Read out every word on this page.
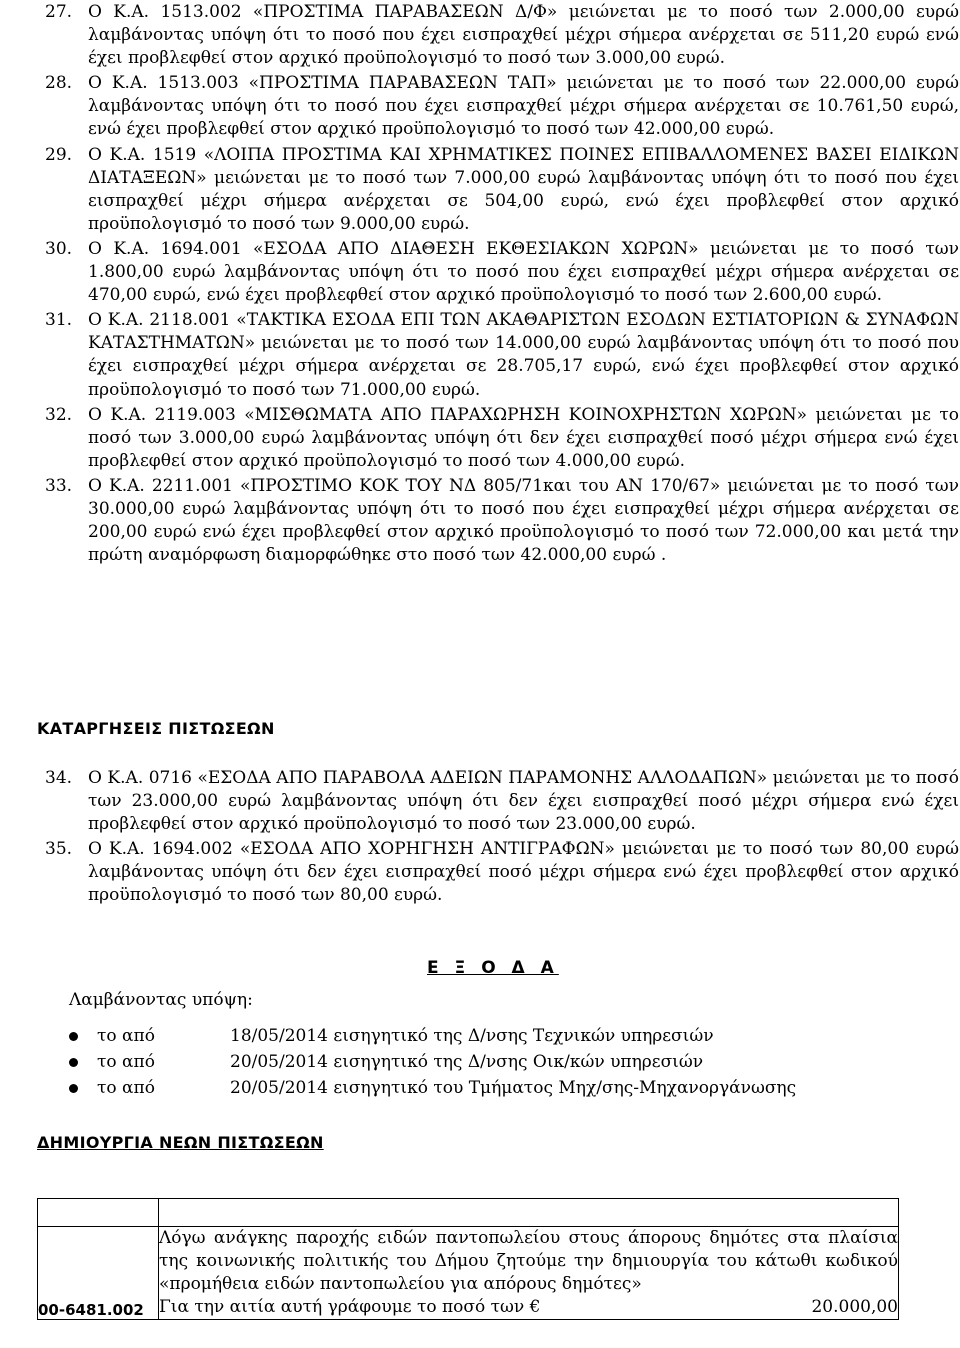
27. Ο Κ.Α. 1513.002 «ΠΡΟΣΤΙΜΑ ΠΑΡΑΒΑΣΕΩΝ Δ/Φ» μειώνεται με το ποσό των 2.000,00 ευρώ λαμβάνοντας υπόψη ότι το ποσό που έχει εισπραχθεί μέχρι σήμερα ανέρχεται σε 511,20 ευρώ ενώ έχει προβλεφθεί στον αρχικό προϋπολογισμό το ποσό των 3.000,00 ευρώ.

28. Ο Κ.Α. 1513.003 «ΠΡΟΣΤΙΜΑ ΠΑΡΑΒΑΣΕΩΝ ΤΑΠ» μειώνεται με το ποσό των 22.000,00 ευρώ λαμβάνοντας υπόψη ότι το ποσό που έχει εισπραχθεί μέχρι σήμερα ανέρχεται σε 10.761,50 ευρώ, ενώ έχει προβλεφθεί στον αρχικό προϋπολογισμό το ποσό των 42.000,00 ευρώ.

29. Ο Κ.Α. 1519 «ΛΟΙΠΑ ΠΡΟΣΤΙΜΑ ΚΑΙ ΧΡΗΜΑΤΙΚΕΣ ΠΟΙΝΕΣ ΕΠΙΒΑΛΛΟΜΕΝΕΣ ΒΑΣΕΙ ΕΙΔΙΚΩΝ ΔΙΑΤΑΞΕΩΝ» μειώνεται με το ποσό των 7.000,00 ευρώ λαμβάνοντας υπόψη ότι το ποσό που έχει εισπραχθεί μέχρι σήμερα ανέρχεται σε 504,00 ευρώ, ενώ έχει προβλεφθεί στον αρχικό προϋπολογισμό το ποσό των 9.000,00 ευρώ.

30. Ο Κ.Α. 1694.001 «ΕΣΟΔΑ ΑΠΟ ΔΙΑΘΕΣΗ ΕΚΘΕΣΙΑΚΩΝ ΧΩΡΩΝ» μειώνεται με το ποσό των 1.800,00 ευρώ λαμβάνοντας υπόψη ότι το ποσό που έχει εισπραχθεί μέχρι σήμερα ανέρχεται σε 470,00 ευρώ, ενώ έχει προβλεφθεί στον αρχικό προϋπολογισμό το ποσό των 2.600,00 ευρώ.

31. Ο Κ.Α. 2118.001 «ΤΑΚΤΙΚΑ ΕΣΟΔΑ ΕΠΙ ΤΩΝ ΑΚΑΘΑΡΙΣΤΩΝ ΕΣΟΔΩΝ ΕΣΤΙΑΤΟΡΙΩΝ & ΣΥΝΑΦΩΝ ΚΑΤΑΣΤΗΜΑΤΩΝ» μειώνεται με το ποσό των 14.000,00 ευρώ λαμβάνοντας υπόψη ότι το ποσό που έχει εισπραχθεί μέχρι σήμερα ανέρχεται σε 28.705,17 ευρώ, ενώ έχει προβλεφθεί στον αρχικό προϋπολογισμό το ποσό των 71.000,00 ευρώ.

32. Ο Κ.Α. 2119.003 «ΜΙΣΘΩΜΑΤΑ ΑΠΟ ΠΑΡΑΧΩΡΗΣΗ ΚΟΙΝΟΧΡΗΣΤΩΝ ΧΩΡΩΝ» μειώνεται με το ποσό των 3.000,00 ευρώ λαμβάνοντας υπόψη ότι δεν έχει εισπραχθεί ποσό μέχρι σήμερα ενώ έχει προβλεφθεί στον αρχικό προϋπολογισμό το ποσό των 4.000,00 ευρώ.

33. Ο Κ.Α. 2211.001 «ΠΡΟΣΤΙΜΟ ΚΟΚ ΤΟΥ ΝΔ 805/71και του ΑΝ 170/67» μειώνεται με το ποσό των 30.000,00 ευρώ λαμβάνοντας υπόψη ότι το ποσό που έχει εισπραχθεί μέχρι σήμερα ανέρχεται σε 200,00 ευρώ ενώ έχει προβλεφθεί στον αρχικό προϋπολογισμό το ποσό των 72.000,00 και μετά την πρώτη αναμόρφωση διαμορφώθηκε στο ποσό των 42.000,00 ευρώ .

ΚΑΤΑΡΓΗΣΕΙΣ ΠΙΣΤΩΣΕΩΝ

34. Ο Κ.Α. 0716 «ΕΣΟΔΑ ΑΠΟ ΠΑΡΑΒΟΛΑ ΑΔΕΙΩΝ ΠΑΡΑΜΟΝΗΣ ΑΛΛΟΔΑΠΩΝ» μειώνεται με το ποσό των 23.000,00 ευρώ λαμβάνοντας υπόψη ότι δεν έχει εισπραχθεί ποσό μέχρι σήμερα ενώ έχει προβλεφθεί στον αρχικό προϋπολογισμό το ποσό των 23.000,00 ευρώ.

35. Ο Κ.Α. 1694.002 «ΕΣΟΔΑ ΑΠΟ ΧΟΡΗΓΗΣΗ ΑΝΤΙΓΡΑΦΩΝ» μειώνεται με το ποσό των 80,00 ευρώ λαμβάνοντας υπόψη ότι δεν έχει εισπραχθεί ποσό μέχρι σήμερα ενώ έχει προβλεφθεί στον αρχικό προϋπολογισμό το ποσό των 80,00 ευρώ.

Ε Ξ Ο Δ Α
Λαμβάνοντας υπόψη:
το από	18/05/2014 εισηγητικό της Δ/νσης Τεχνικών υπηρεσιών
το από	20/05/2014 εισηγητικό της Δ/νσης Οικ/κών υπηρεσιών
το από	20/05/2014 εισηγητικό του Τμήματος Μηχ/σης-Μηχανοργάνωσης
ΔΗΜΙΟΥΡΓΙΑ ΝΕΩΝ ΠΙΣΤΩΣΕΩΝ

00-6481.002	Λόγω ανάγκης παροχής ειδών παντοπωλείου στους άπορους δημότες στα πλαίσια της κοινωνικής πολιτικής του Δήμου ζητούμε την δημιουργία του κάτωθι κωδικού «προμήθεια ειδών παντοπωλείου για απόρους δημότες»
Για την αιτία αυτή γράφουμε το ποσό των € 20.000,00
